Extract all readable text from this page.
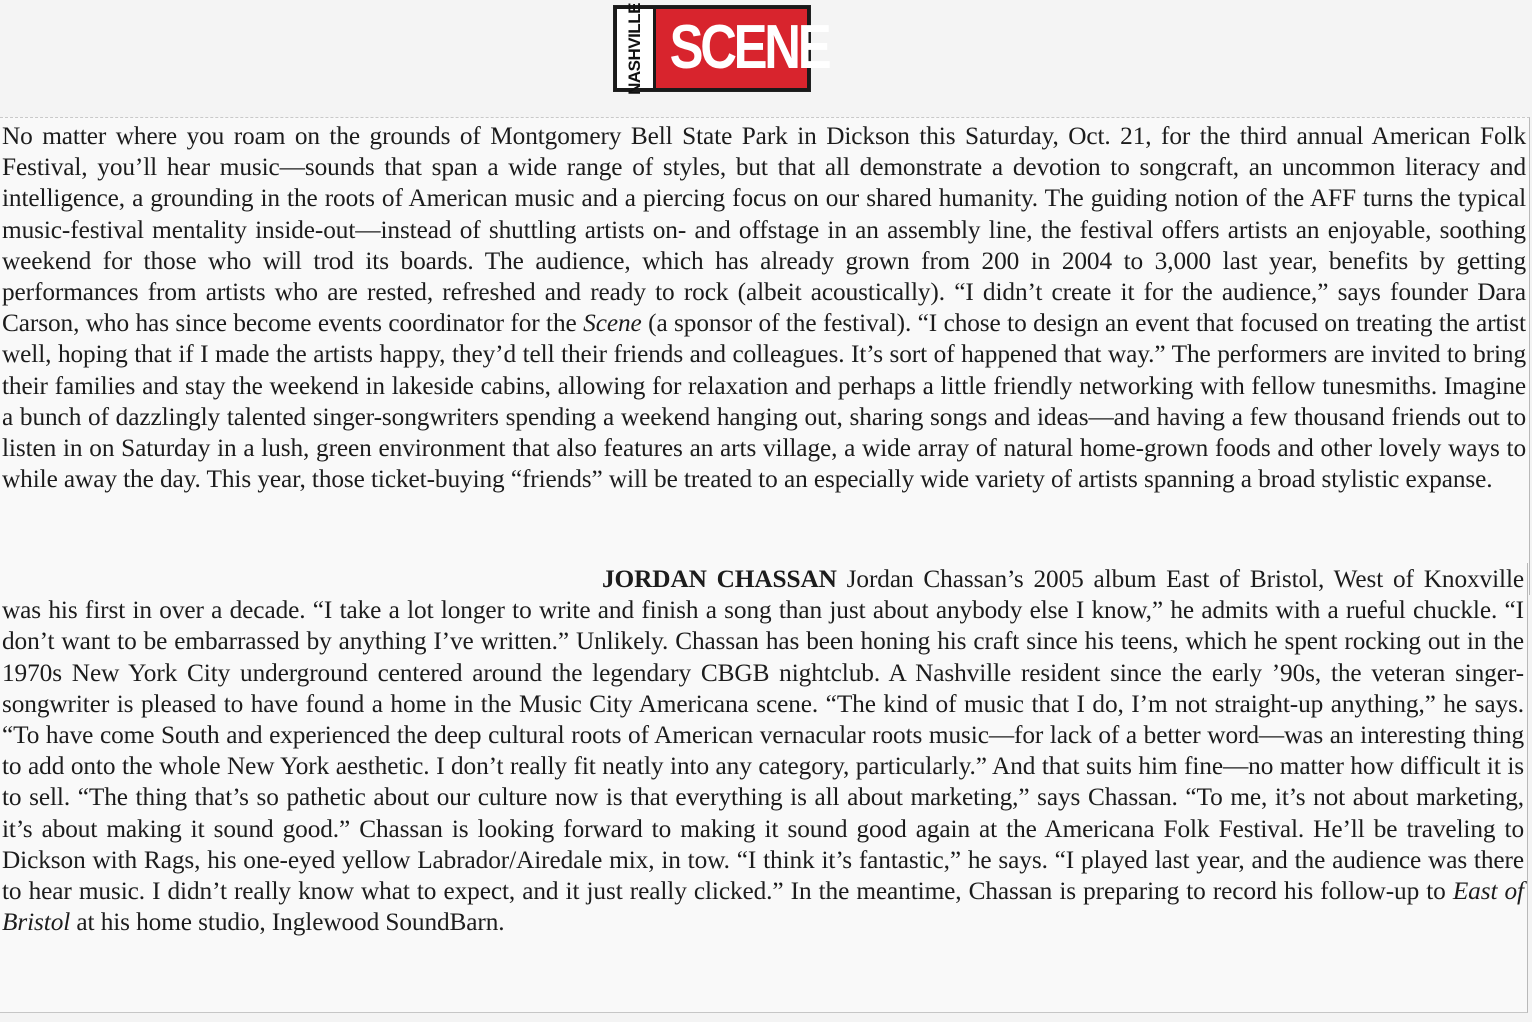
NASHVILLE SCENE

No matter where you roam on the grounds of Montgomery Bell State Park in Dickson this Saturday, Oct. 21, for the third annual American Folk Festival, you’ll hear music—sounds that span a wide range of styles, but that all demonstrate a devotion to songcraft, an uncommon literacy and intelligence, a grounding in the roots of American music and a piercing focus on our shared humanity. The guiding notion of the AFF turns the typical music-festival mentality inside-out—instead of shuttling artists on- and offstage in an assembly line, the festival offers artists an enjoyable, soothing weekend for those who will trod its boards. The audience, which has already grown from 200 in 2004 to 3,000 last year, benefits by getting performances from artists who are rested, refreshed and ready to rock (albeit acoustically). “I didn’t create it for the audience,” says founder Dara Carson, who has since become events coordinator for the Scene (a sponsor of the festival). “I chose to design an event that focused on treating the artist well, hoping that if I made the artists happy, they’d tell their friends and colleagues. It’s sort of happened that way.” The performers are invited to bring their families and stay the weekend in lakeside cabins, allowing for relaxation and perhaps a little friendly networking with fellow tunesmiths. Imagine a bunch of dazzlingly talented singer-songwriters spending a weekend hanging out, sharing songs and ideas—and having a few thousand friends out to listen in on Saturday in a lush, green environment that also features an arts village, a wide array of natural home-grown foods and other lovely ways to while away the day. This year, those ticket-buying “friends” will be treated to an especially wide variety of artists spanning a broad stylistic expanse.

JORDAN CHASSAN Jordan Chassan’s 2005 album East of Bristol, West of Knoxville was his first in over a decade. “I take a lot longer to write and finish a song than just about anybody else I know,” he admits with a rueful chuckle. “I don’t want to be embarrassed by anything I’ve written.” Unlikely. Chassan has been honing his craft since his teens, which he spent rocking out in the 1970s New York City underground centered around the legendary CBGB nightclub. A Nashville resident since the early ’90s, the veteran singer-songwriter is pleased to have found a home in the Music City Americana scene. “The kind of music that I do, I’m not straight-up anything,” he says. “To have come South and experienced the deep cultural roots of American vernacular roots music—for lack of a better word—was an interesting thing to add onto the whole New York aesthetic. I don’t really fit neatly into any category, particularly.” And that suits him fine—no matter how difficult it is to sell. “The thing that’s so pathetic about our culture now is that everything is all about marketing,” says Chassan. “To me, it’s not about marketing, it’s about making it sound good.” Chassan is looking forward to making it sound good again at the Americana Folk Festival. He’ll be traveling to Dickson with Rags, his one-eyed yellow Labrador/Airedale mix, in tow. “I think it’s fantastic,” he says. “I played last year, and the audience was there to hear music. I didn’t really know what to expect, and it just really clicked.” In the meantime, Chassan is preparing to record his follow-up to East of Bristol at his home studio, Inglewood SoundBarn.
